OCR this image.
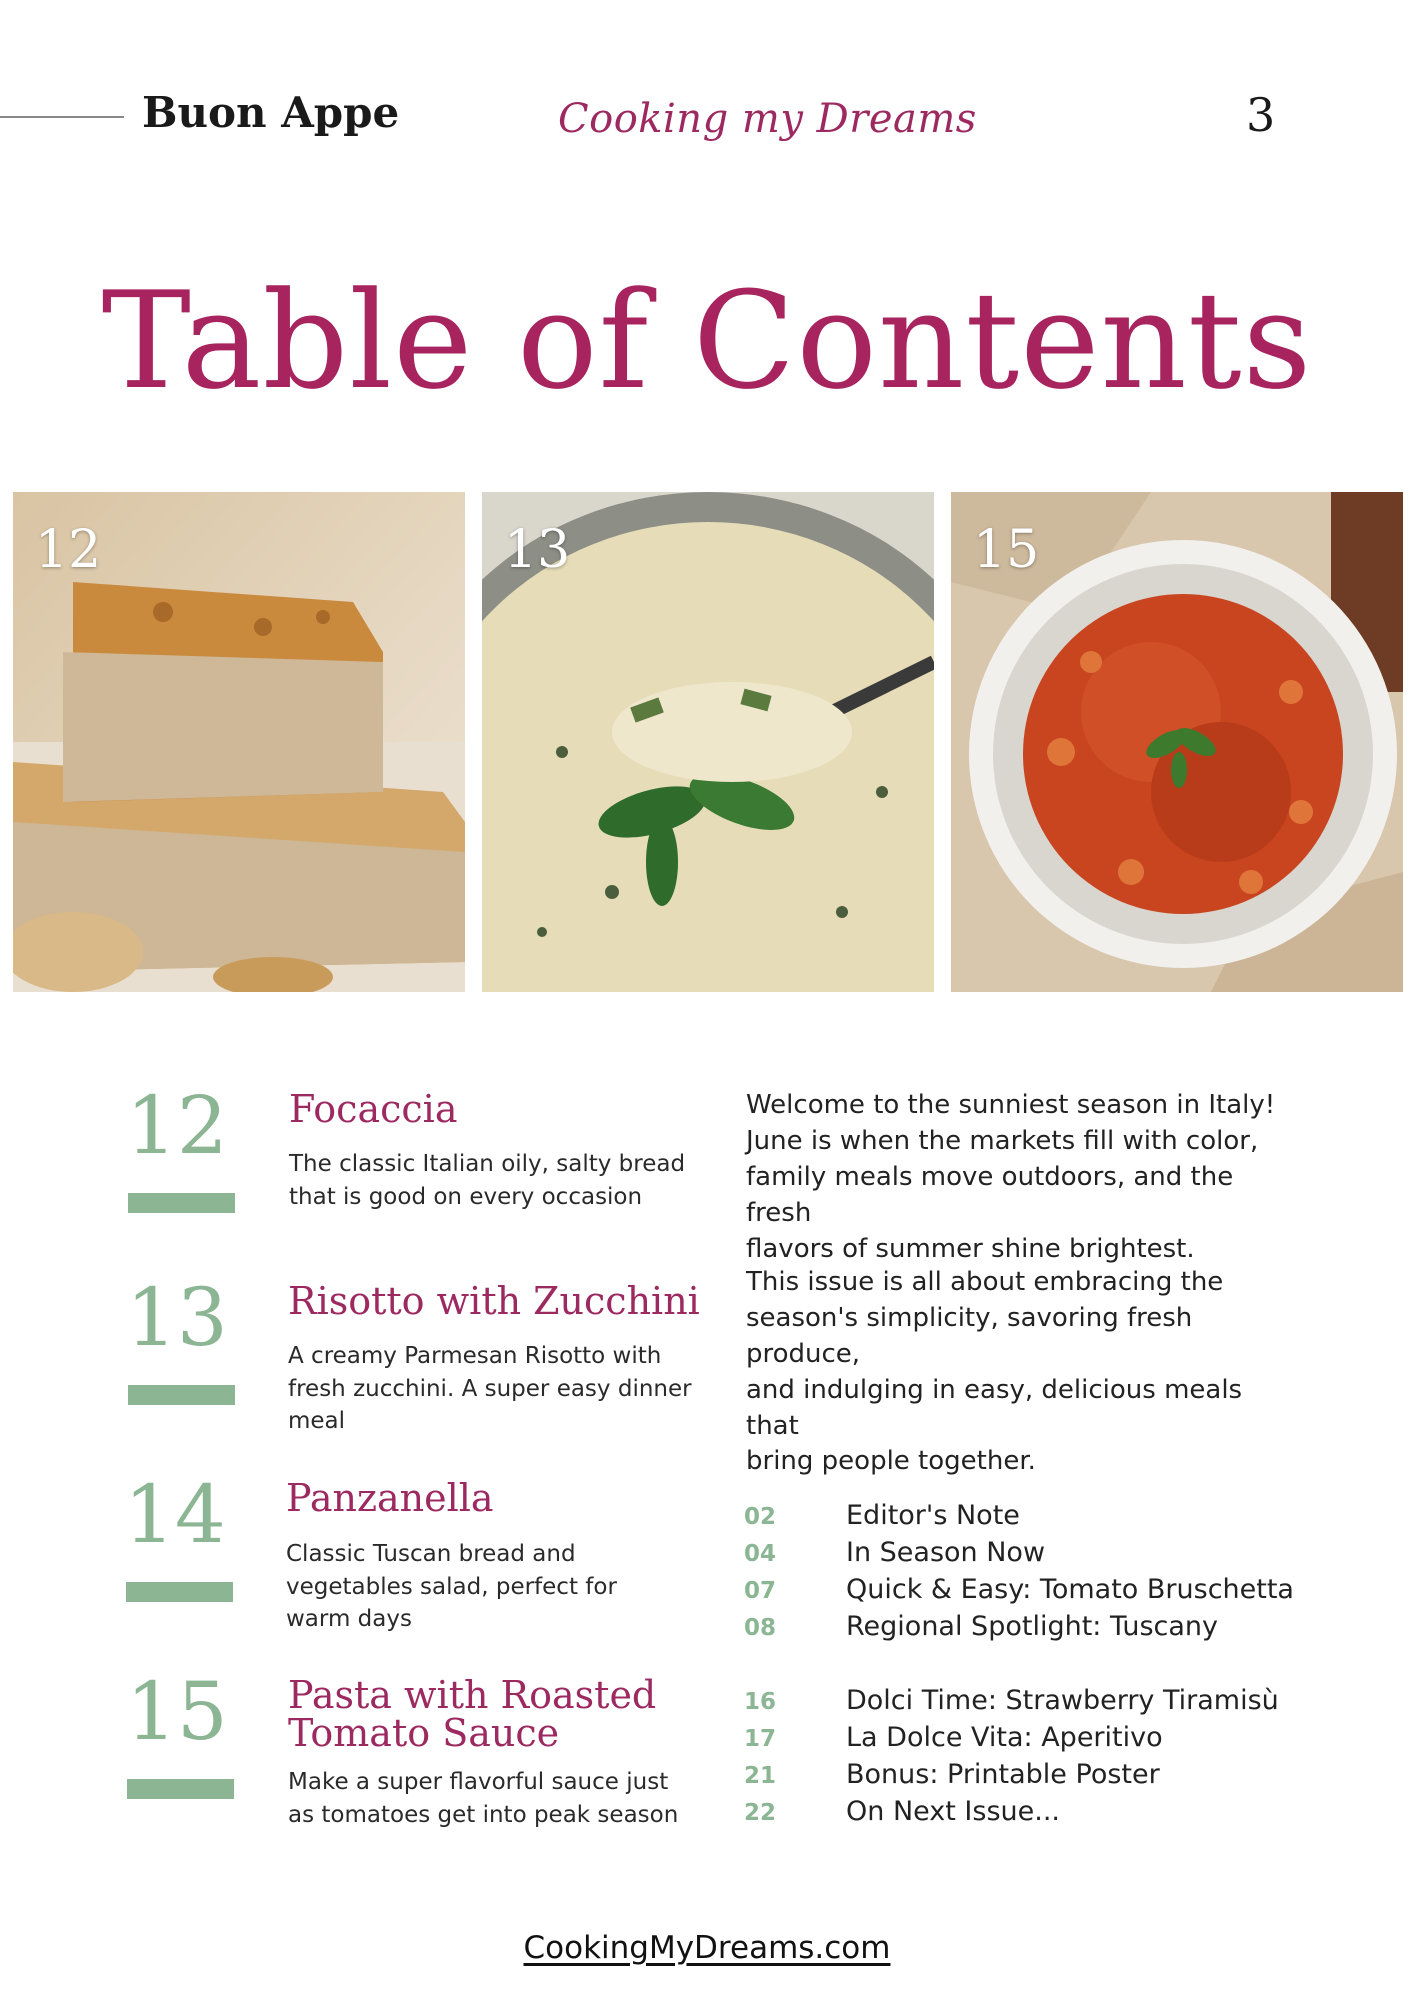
Buon Appe	Cooking my Dreams	3
Table of Contents
12	13	15
12 Focaccia
The classic Italian oily, salty bread
that is good on every occasion
13 Risotto with Zucchini
A creamy Parmesan Risotto with
fresh zucchini. A super easy dinner
meal
14 Panzanella
Classic Tuscan bread and
vegetables salad, perfect for
warm days
15 Pasta with Roasted
Tomato Sauce
Make a super flavorful sauce just
as tomatoes get into peak season
Welcome to the sunniest season in Italy!
June is when the markets fill with color,
family meals move outdoors, and the fresh
flavors of summer shine brightest.
This issue is all about embracing the
season's simplicity, savoring fresh produce,
and indulging in easy, delicious meals that
bring people together.
02	Editor's Note
04	In Season Now
07	Quick & Easy: Tomato Bruschetta
08	Regional Spotlight: Tuscany
16	Dolci Time: Strawberry Tiramisù
17	La Dolce Vita: Aperitivo
21	Bonus: Printable Poster
22	On Next Issue...
CookingMyDreams.com
